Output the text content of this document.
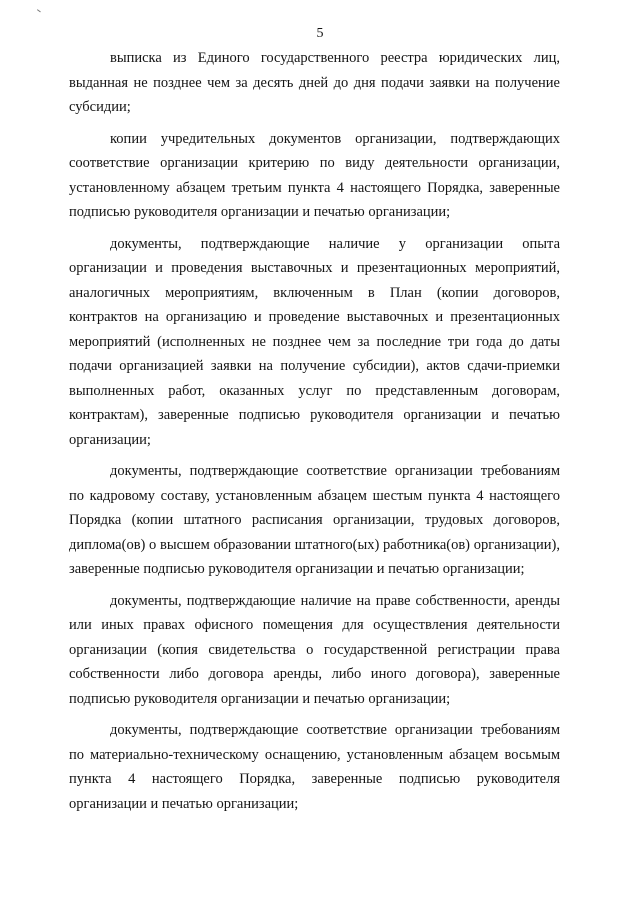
5

выписка из Единого государственного реестра юридических лиц, выданная не позднее чем за десять дней до дня подачи заявки на получение субсидии;

копии учредительных документов организации, подтверждающих соответствие организации критерию по виду деятельности организации, установленному абзацем третьим пункта 4 настоящего Порядка, заверенные подписью руководителя организации и печатью организации;

документы, подтверждающие наличие у организации опыта организации и проведения выставочных и презентационных мероприятий, аналогичных мероприятиям, включенным в План (копии договоров, контрактов на организацию и проведение выставочных и презентационных мероприятий (исполненных не позднее чем за последние три года до даты подачи организацией заявки на получение субсидии), актов сдачи-приемки выполненных работ, оказанных услуг по представленным договорам, контрактам), заверенные подписью руководителя организации и печатью организации;

документы, подтверждающие соответствие организации требованиям по кадровому составу, установленным абзацем шестым пункта 4 настоящего Порядка (копии штатного расписания организации, трудовых договоров, диплома(ов) о высшем образовании штатного(ых) работника(ов) организации), заверенные подписью руководителя организации и печатью организации;

документы, подтверждающие наличие на праве собственности, аренды или иных правах офисного помещения для осуществления деятельности организации (копия свидетельства о государственной регистрации права собственности либо договора аренды, либо иного договора), заверенные подписью руководителя организации и печатью организации;

документы, подтверждающие соответствие организации требованиям по материально-техническому оснащению, установленным абзацем восьмым пункта 4 настоящего Порядка, заверенные подписью руководителя организации и печатью организации;
